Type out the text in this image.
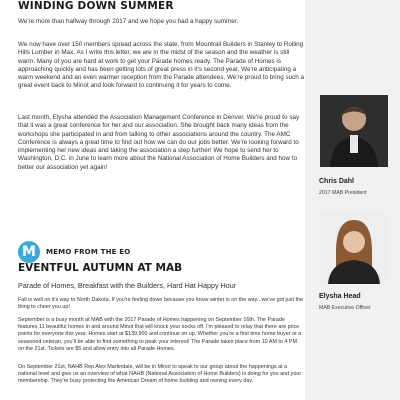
WINDING DOWN SUMMER

We're more than halfway through 2017 and we hope you had a happy summer.

We now have over 150 members spread across the state, from Mountrail Builders in Stanley to Rolling Hills Lumber in Max. As I write this letter, we are in the midst of the season and the weather is still warm. Many of you are hard at work to get your Parade homes ready. The Parade of Homes is approaching quickly and has been getting lots of great press in it's second year. We're anticipating a warm weekend and an even warmer reception from the Parade attendees. We're proud to bring such a great event back to Minot and look forward to continuing it for years to come.

Last month, Elysha attended the Association Management Conference in Denver. We're proud to say that it was a great conference for her and our association. She brought back many ideas from the workshops she participated in and from talking to other associations around the country. The AMC Conference is always a great time to find out how we can do our jobs better. We're looking forward to implementing her new ideas and taking the association a step further! We hope to send her to Washington, D.C. in June to learn more about the National Association of Home Builders and how to better our association yet again!

M	MEMO FROM THE EO
EVENTFUL AUTUMN AT MAB

Parade of Homes, Breakfast with the Builders, Hard Hat Happy Hour

Fall is well on it's way to North Dakota. If you're feeling down because you know winter is on the way...we've got just the thing to cheer you up!

September is a busy month at MAB with the 2017 Parade of Homes happening on September 16th. The Parade features 11 beautiful homes in and around Minot that will knock your socks off. I'm pleased to relay that there are price points for everyone this year. Homes start at $139,900 and continue on up. Whether you're a first time home buyer or a seasoned veteran, you'll be able to find something to peak your interest! The Parade takes place from 10 AM to 4 PM on the 21st. Tickets are $5 and allow entry into all Parade Homes.

On September 21st, NAHB Rep Alex Martindale, will be in Minot to speak to our group about the happenings at a national level and give us an overview of what NAHB (National Association of Home Builders) is doing for you and your membership. They're busy protecting the American Dream of home building and owning every day.

Chris Dahl

2017 MAB President

Elysha Head

MAB Executive Officer
